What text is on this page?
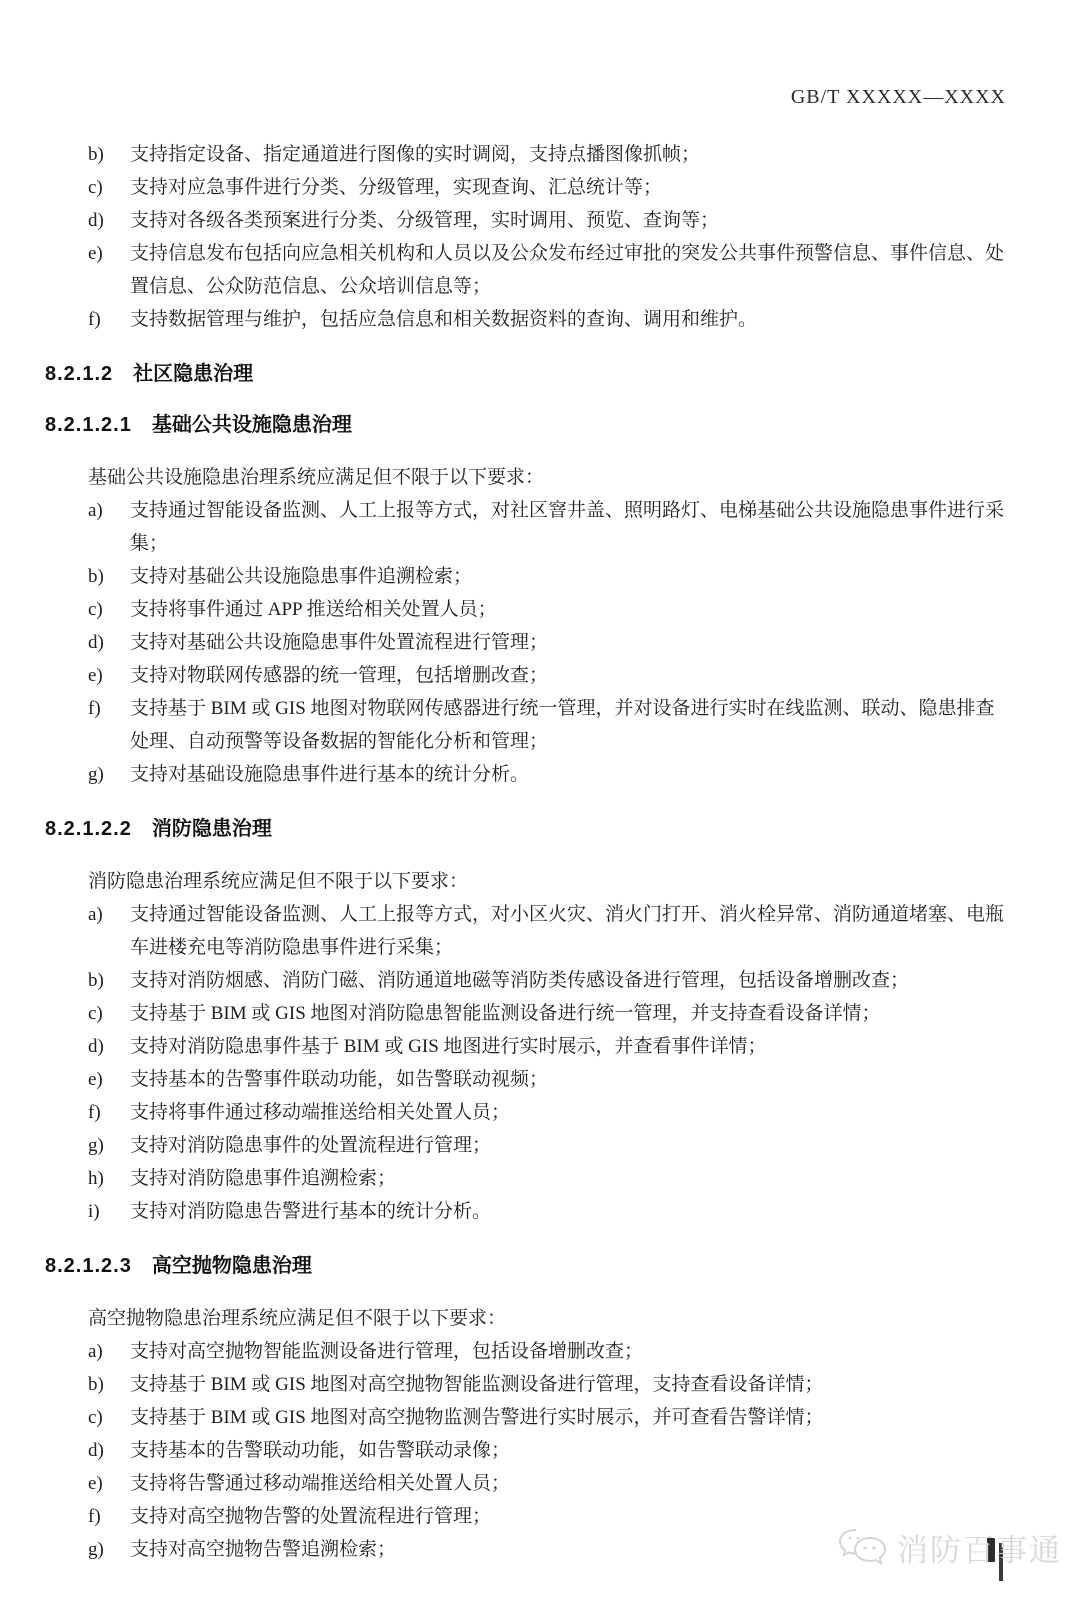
GB/T XXXXX—XXXX
b)	支持指定设备、指定通道进行图像的实时调阅，支持点播图像抓帧；
c)	支持对应急事件进行分类、分级管理，实现查询、汇总统计等；
d)	支持对各级各类预案进行分类、分级管理，实时调用、预览、查询等；
e)	支持信息发布包括向应急相关机构和人员以及公众发布经过审批的突发公共事件预警信息、事件信息、处置信息、公众防范信息、公众培训信息等；
f)	支持数据管理与维护，包括应急信息和相关数据资料的查询、调用和维护。
8.2.1.2 社区隐患治理
8.2.1.2.1 基础公共设施隐患治理

基础公共设施隐患治理系统应满足但不限于以下要求：

a)	支持通过智能设备监测、人工上报等方式，对社区窨井盖、照明路灯、电梯基础公共设施隐患事件进行采集；
b)	支持对基础公共设施隐患事件追溯检索；
c)	支持将事件通过 APP 推送给相关处置人员；
d)	支持对基础公共设施隐患事件处置流程进行管理；
e)	支持对物联网传感器的统一管理，包括增删改查；
f)	支持基于 BIM 或 GIS 地图对物联网传感器进行统一管理，并对设备进行实时在线监测、联动、隐患排查处理、自动预警等设备数据的智能化分析和管理；
g)	支持对基础设施隐患事件进行基本的统计分析。
8.2.1.2.2 消防隐患治理

消防隐患治理系统应满足但不限于以下要求：

a)	支持通过智能设备监测、人工上报等方式，对小区火灾、消火门打开、消火栓异常、消防通道堵塞、电瓶车进楼充电等消防隐患事件进行采集；
b)	支持对消防烟感、消防门磁、消防通道地磁等消防类传感设备进行管理，包括设备增删改查；
c)	支持基于 BIM 或 GIS 地图对消防隐患智能监测设备进行统一管理，并支持查看设备详情；
d)	支持对消防隐患事件基于 BIM 或 GIS 地图进行实时展示，并查看事件详情；
e)	支持基本的告警事件联动功能，如告警联动视频；
f)	支持将事件通过移动端推送给相关处置人员；
g)	支持对消防隐患事件的处置流程进行管理；
h)	支持对消防隐患事件追溯检索；
i)	支持对消防隐患告警进行基本的统计分析。
8.2.1.2.3 高空抛物隐患治理

高空抛物隐患治理系统应满足但不限于以下要求：

a)	支持对高空抛物智能监测设备进行管理，包括设备增删改查；
b)	支持基于 BIM 或 GIS 地图对高空抛物智能监测设备进行管理，支持查看设备详情；
c)	支持基于 BIM 或 GIS 地图对高空抛物监测告警进行实时展示，并可查看告警详情；
d)	支持基本的告警联动功能，如告警联动录像；
e)	支持将告警通过移动端推送给相关处置人员；
f)	支持对高空抛物告警的处置流程进行管理；
g)	支持对高空抛物告警追溯检索；	消防百事通
